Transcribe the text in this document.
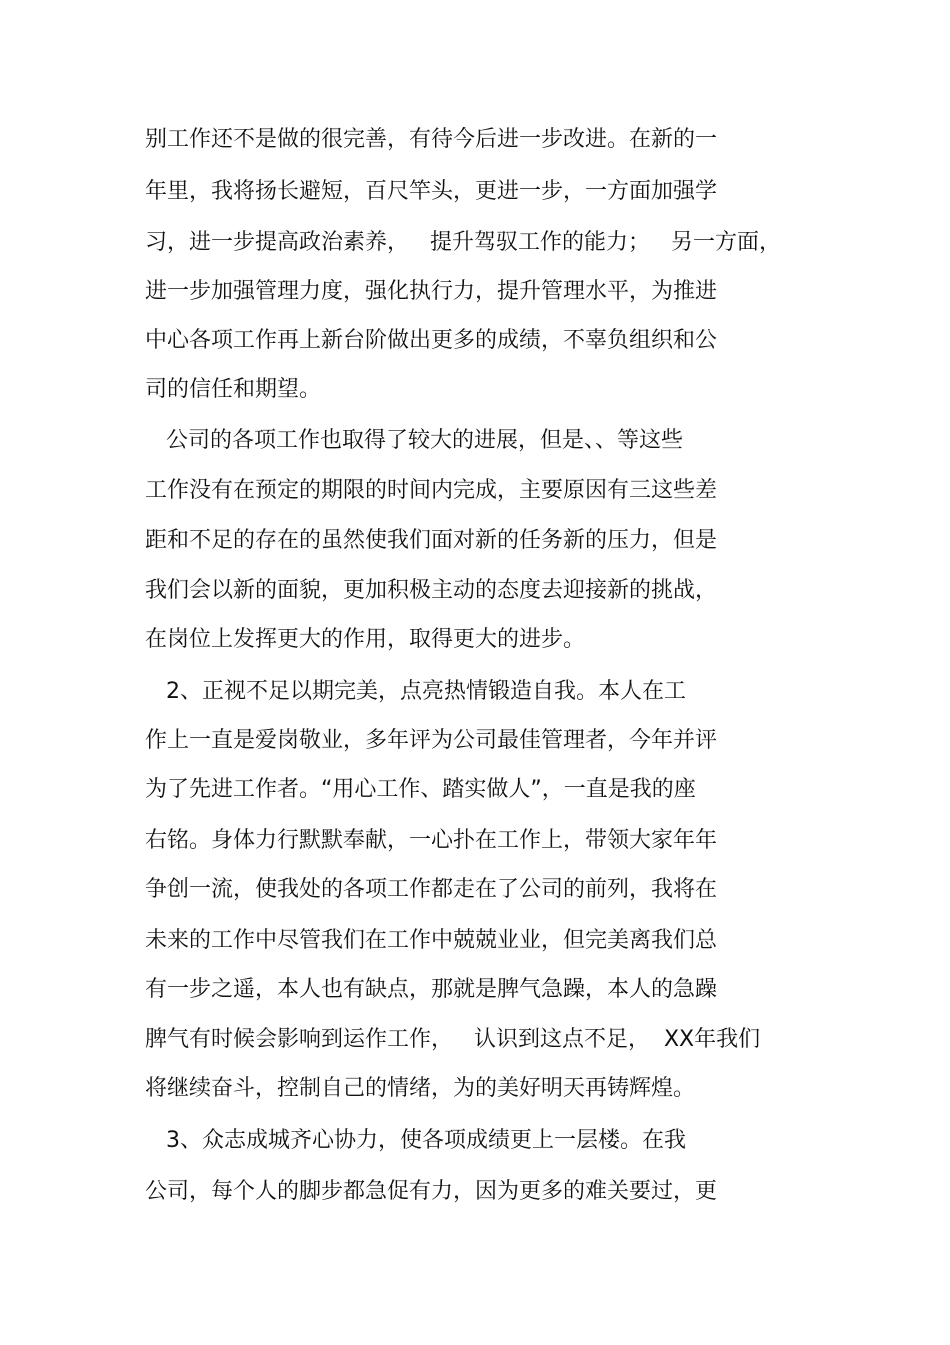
别工作还不是做的很完善，有待今后进一步改进。在新的一
年里，我将扬长避短，百尺竿头，更进一步，一方面加强学
习，进一步提高政治素养，   提升驾驭工作的能力；   另一方面，
进一步加强管理力度，强化执行力，提升管理水平，为推进
中心各项工作再上新台阶做出更多的成绩，不辜负组织和公
司的信任和期望。
公司的各项工作也取得了较大的进展，但是、、等这些
工作没有在预定的期限的时间内完成，主要原因有三这些差
距和不足的存在的虽然使我们面对新的任务新的压力，但是
我们会以新的面貌，更加积极主动的态度去迎接新的挑战，
在岗位上发挥更大的作用，取得更大的进步。
2、正视不足以期完美，点亮热情锻造自我。本人在工
作上一直是爱岗敬业，多年评为公司最佳管理者，今年并评
为了先进工作者。“用心工作、踏实做人”，一直是我的座
右铭。身体力行默默奉献，一心扑在工作上，带领大家年年
争创一流，使我处的各项工作都走在了公司的前列，我将在
未来的工作中尽管我们在工作中兢兢业业，但完美离我们总
有一步之遥，本人也有缺点，那就是脾气急躁，本人的急躁
脾气有时候会影响到运作工作，   认识到这点不足，  XX年我们
将继续奋斗，控制自己的情绪，为的美好明天再铸辉煌。
3、众志成城齐心协力，使各项成绩更上一层楼。在我
公司，每个人的脚步都急促有力，因为更多的难关要过，更
